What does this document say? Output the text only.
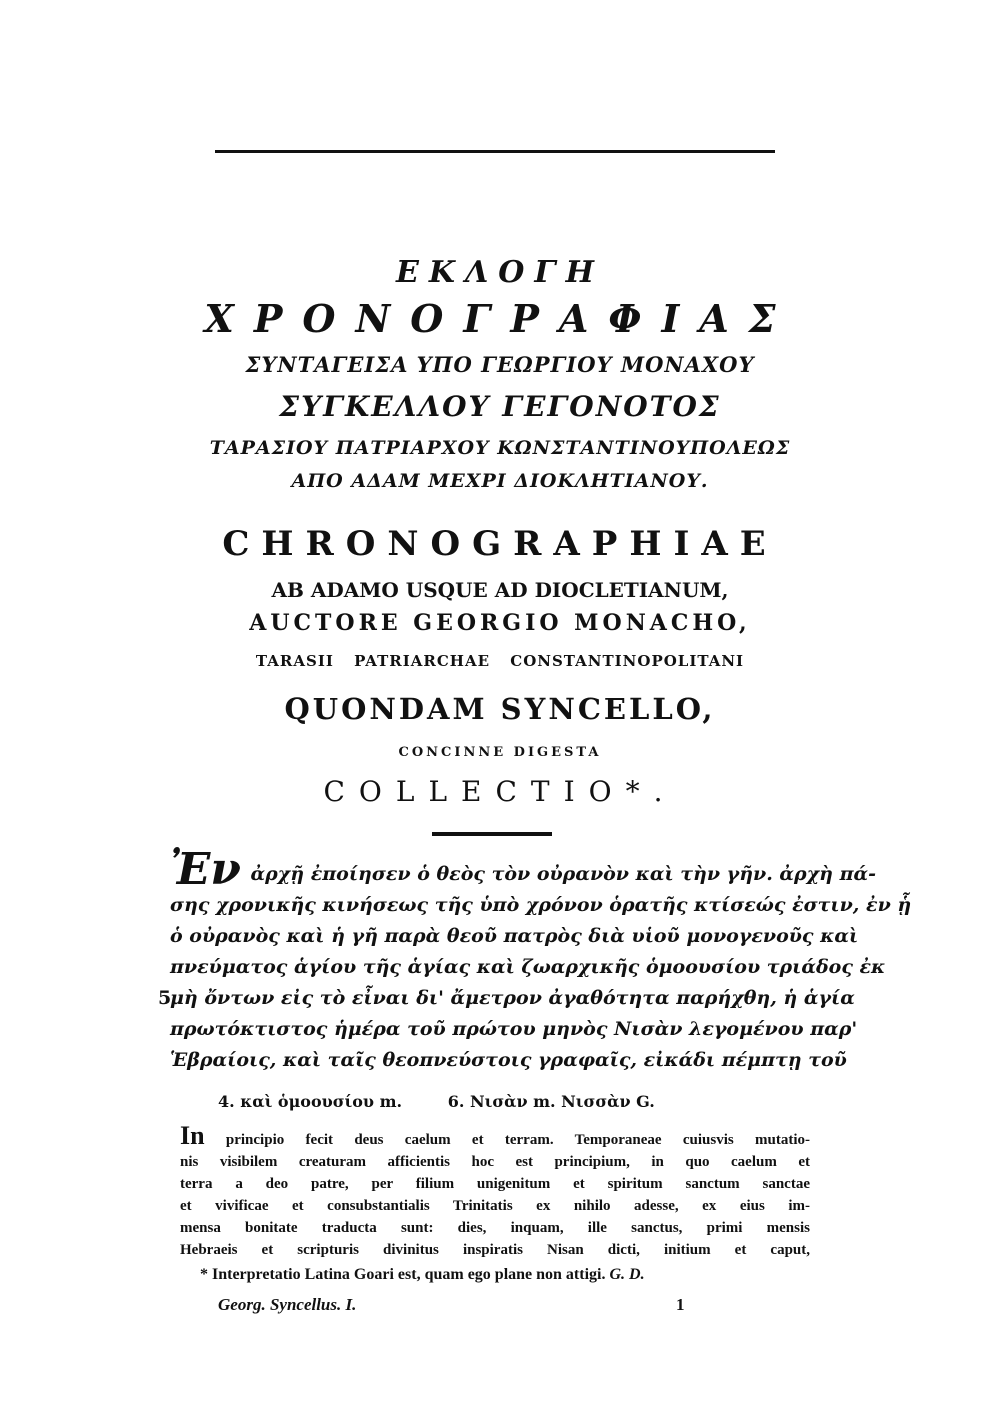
ΕΚΛΟΓΗ
ΧΡΟΝΟΓΡΑΦΙΑΣ
ΣΥΝΤΑΓΕΙΣΑ ΥΠΟ ΓΕΩΡΓΙΟΥ ΜΟΝΑΧΟΥ
ΣΥΓΚΕΛΛΟΥ ΓΕΓΟΝΟΤΟΣ
ΤΑΡΑΣΙΟΥ ΠΑΤΡΙΑΡΧΟΥ ΚΩΝΣΤΑΝΤΙΝΟΥΠΟΛΕΩΣ
ΑΠΟ ΑΔΑΜ ΜΕΧΡΙ ΔΙΟΚΛΗΤΙΑΝΟΥ.
CHRONOGRAPHIAE
AB ADAMO USQUE AD DIOCLETIANUM,
AUCTORE GEORGIO MONACHO,
TARASII PATRIARCHAE CONSTANTINOPOLITANI
QUONDAM SYNCELLO,
CONCINNE DIGESTA
COLLECTIO*.
Ἐν ἀρχῇ ἐποίησεν ὁ θεὸς τὸν οὐρανὸν καὶ τὴν γῆν. ἀρχὴ πά-
σης χρονικῆς κινήσεως τῆς ὑπὸ χρόνον ὁρατῆς κτίσεώς ἐστιν, ἐν ᾗ
ὁ οὐρανὸς καὶ ἡ γῆ παρὰ θεοῦ πατρὸς διὰ υἱοῦ μονογενοῦς καὶ
πνεύματος ἁγίου τῆς ἁγίας καὶ ζωαρχικῆς ὁμοουσίου τριάδος ἐκ
5μὴ ὄντων εἰς τὸ εἶναι δι' ἄμετρον ἀγαθότητα παρήχθη, ἡ ἁγία
πρωτόκτιστος ἡμέρα τοῦ πρώτου μηνὸς Νισὰν λεγομένου παρ'
Ἑβραίοις, καὶ ταῖς θεοπνεύστοις γραφαῖς, εἰκάδι πέμπτῃ τοῦ
4. καὶ ὁμοουσίου m.	6. Νισὰν m. Νισσὰν G.
In principio fecit deus caelum et terram. Temporaneae cuiusvis mutatio-
nis visibilem creaturam afficientis hoc est principium, in quo caelum et
terra a deo patre, per filium unigenitum et spiritum sanctum sanctae
et vivificae et consubstantialis Trinitatis ex nihilo adesse, ex eius im-
mensa bonitate traducta sunt: dies, inquam, ille sanctus, primi mensis
Hebraeis et scripturis divinitus inspiratis Nisan dicti, initium et caput,
* Interpretatio Latina Goari est, quam ego plane non attigi. G. D.
Georg. Syncellus. I.	1
